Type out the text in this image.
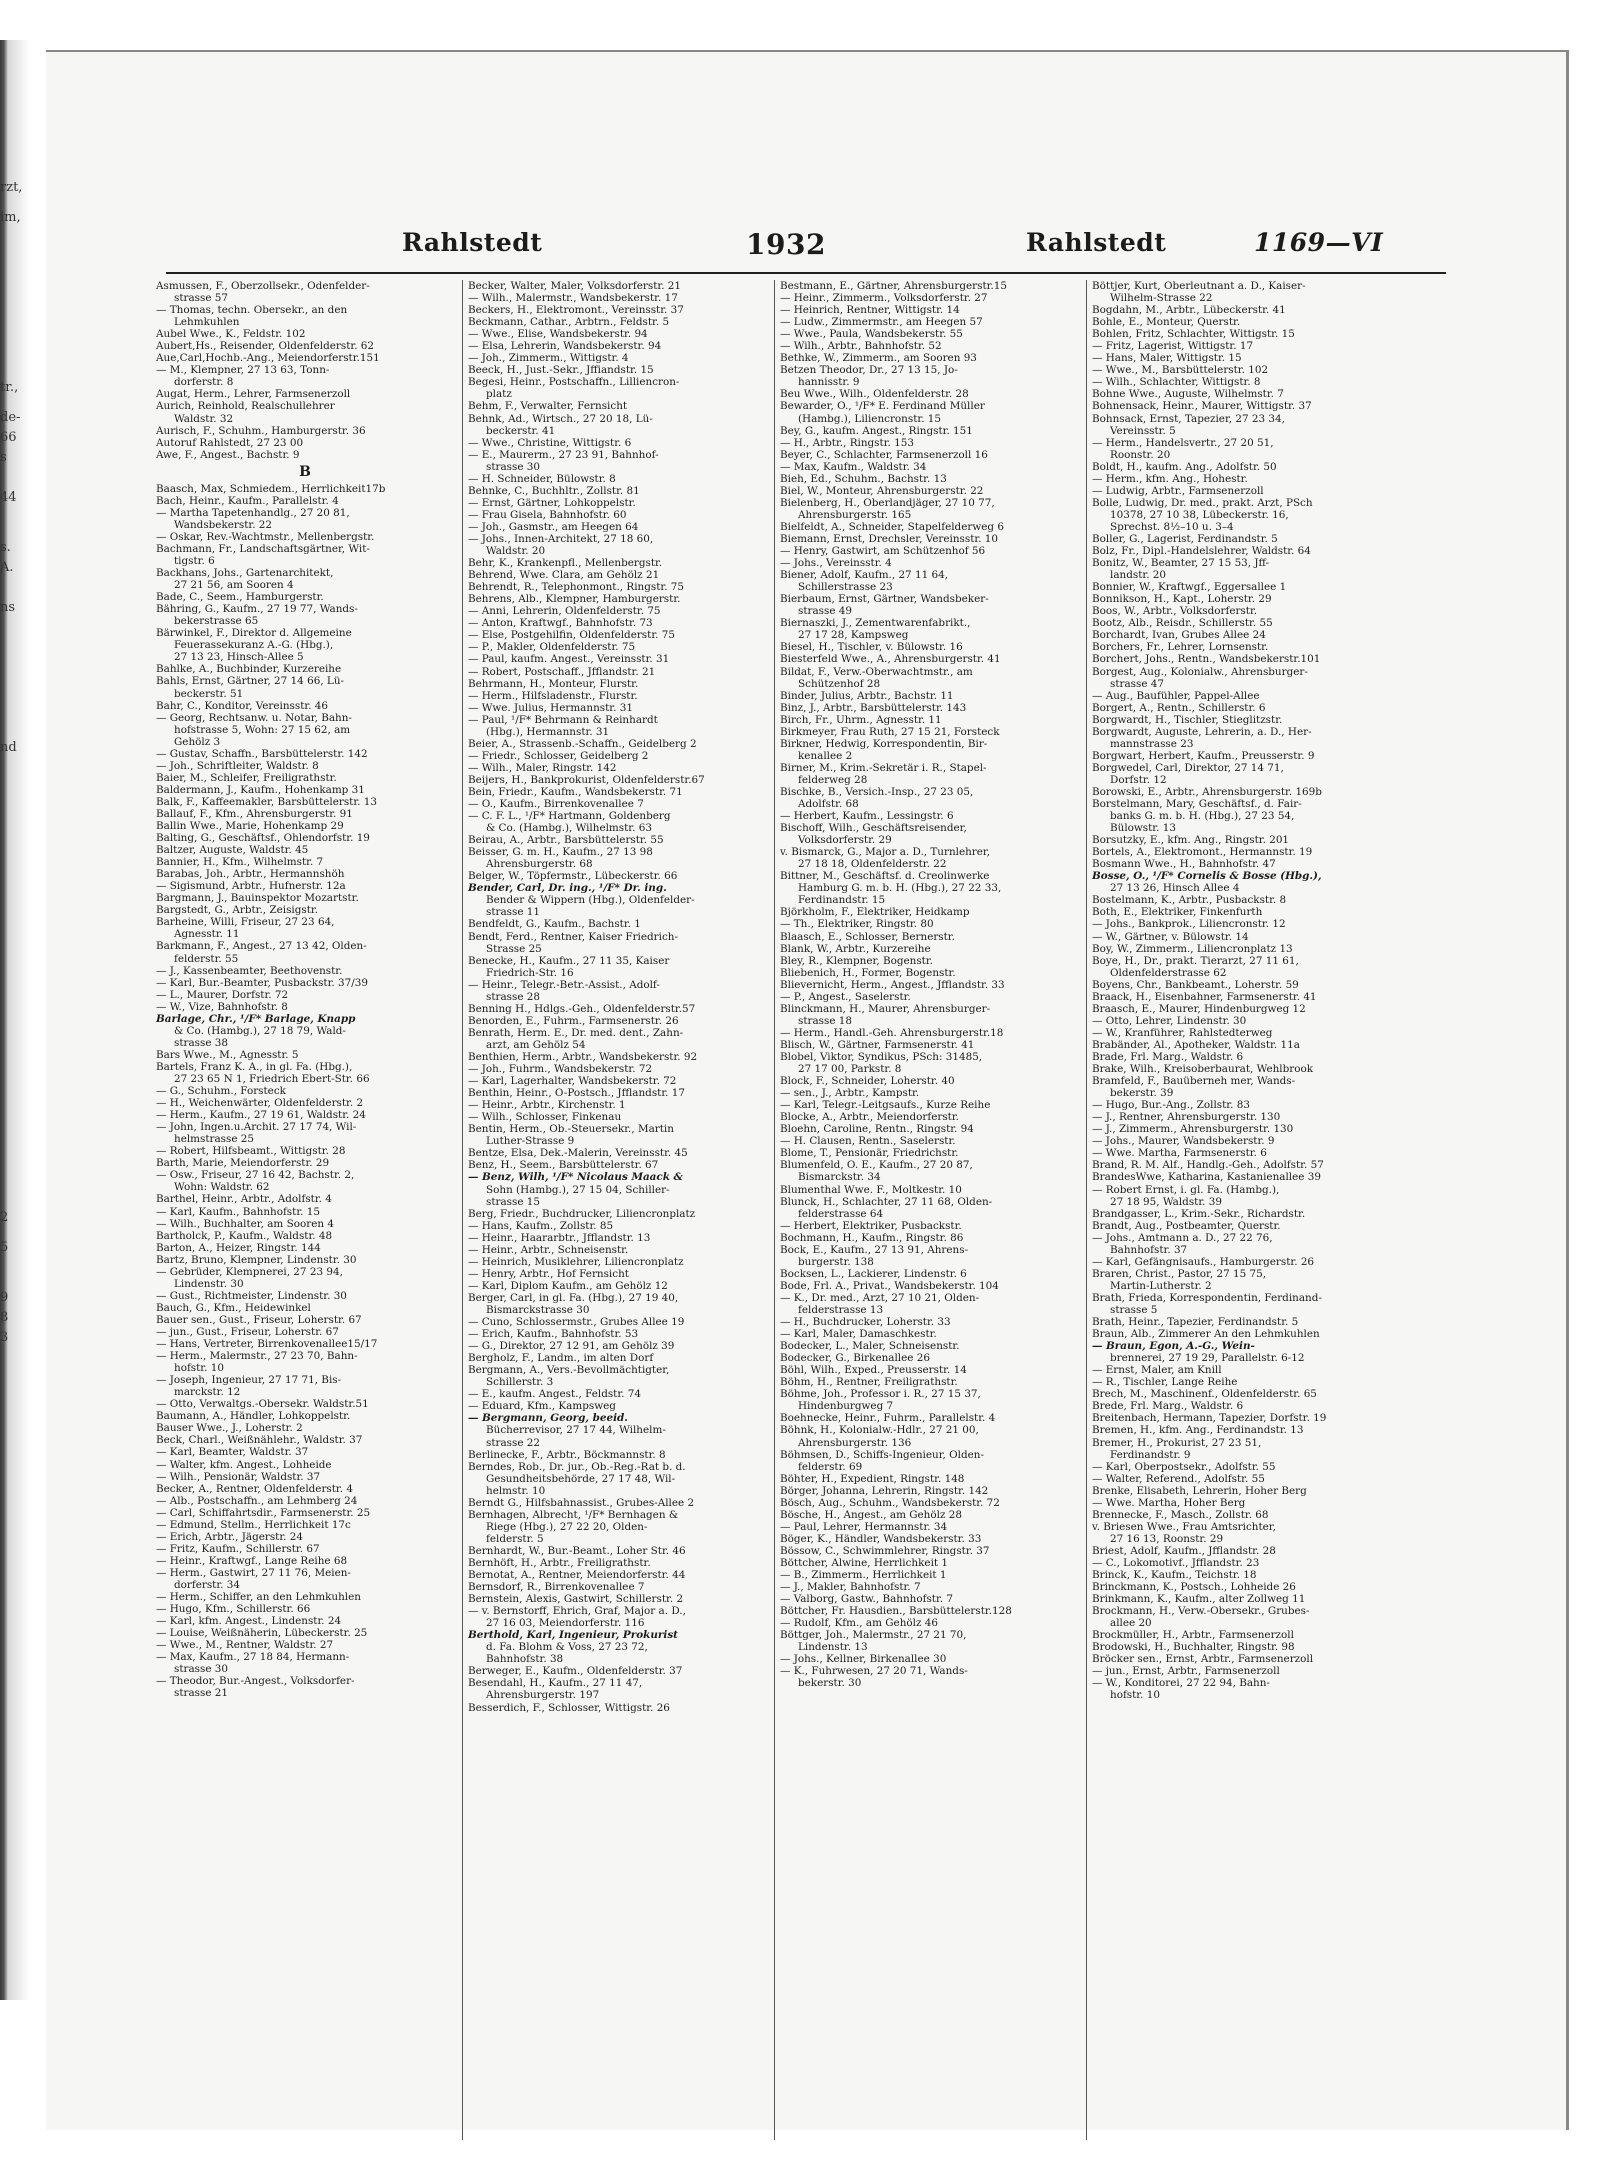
rzt,
im,
tr.,
de-
66
s
44
s.
A.
ns
nd
2
5
9
8
3
Rahlstedt	1932	Rahlstedt	1169—VI
Asmussen, F., Oberzollsekr., Odenfelder-
strasse 57
— Thomas, techn. Obersekr., an den
Lehmkuhlen
Aubel Wwe., K., Feldstr. 102
Aubert,Hs., Reisender, Oldenfelderstr. 62
Aue,Carl,Hochb.-Ang., Meiendorferstr.151
— M., Klempner, 27 13 63, Tonn-
dorferstr. 8
Augat, Herm., Lehrer, Farmsenerzoll
Aurich, Reinhold, Realschullehrer
Waldstr. 32
Aurisch, F., Schuhm., Hamburgerstr. 36
Autoruf Rahlstedt, 27 23 00
Awe, F., Angest., Bachstr. 9
B
Baasch, Max, Schmiedem., Herrlichkeit17b
Bach, Heinr., Kaufm., Parallelstr. 4
— Martha Tapetenhandlg., 27 20 81,
Wandsbekerstr. 22
— Oskar, Rev.-Wachtmstr., Mellenbergstr.
Bachmann, Fr., Landschaftsgärtner, Wit-
tigstr. 6
Backhans, Johs., Gartenarchitekt,
27 21 56, am Sooren 4
Bade, C., Seem., Hamburgerstr.
Bähring, G., Kaufm., 27 19 77, Wands-
bekerstrasse 65
Bärwinkel, F., Direktor d. Allgemeine
Feuerassekuranz A.-G. (Hbg.),
27 13 23, Hinsch-Allee 5
Bahlke, A., Buchbinder, Kurzereihe
Bahls, Ernst, Gärtner, 27 14 66, Lü-
beckerstr. 51
Bahr, C., Konditor, Vereinsstr. 46
— Georg, Rechtsanw. u. Notar, Bahn-
hofstrasse 5, Wohn: 27 15 62, am
Gehölz 3
— Gustav, Schaffn., Barsbüttelerstr. 142
— Joh., Schriftleiter, Waldstr. 8
Baier, M., Schleifer, Freiligrathstr.
Baldermann, J., Kaufm., Hohenkamp 31
Balk, F., Kaffeemakler, Barsbüttelerstr. 13
Ballauf, F., Kfm., Ahrensburgerstr. 91
Ballin Wwe., Marie, Hohenkamp 29
Balting, G., Geschäftsf., Ohlendorfstr. 19
Baltzer, Auguste, Waldstr. 45
Bannier, H., Kfm., Wilhelmstr. 7
Barabas, Joh., Arbtr., Hermannshöh
— Sigismund, Arbtr., Hufnerstr. 12a
Bargmann, J., Bauinspektor Mozartstr.
Bargstedt, G., Arbtr., Zeisigstr.
Barheine, Willi, Friseur, 27 23 64,
Agnesstr. 11
Barkmann, F., Angest., 27 13 42, Olden-
felderstr. 55
— J., Kassenbeamter, Beethovenstr.
— Karl, Bur.-Beamter, Pusbackstr. 37/39
— L., Maurer, Dorfstr. 72
— W., Vize, Bahnhofstr. 8
Barlage, Chr., ¹/F* Barlage, Knapp
& Co. (Hambg.), 27 18 79, Wald-
strasse 38
Bars Wwe., M., Agnesstr. 5
Bartels, Franz K. A., in gl. Fa. (Hbg.),
27 23 65 N 1, Friedrich Ebert-Str. 66
— G., Schuhm., Forsteck
— H., Weichenwärter, Oldenfelderstr. 2
— Herm., Kaufm., 27 19 61, Waldstr. 24
— John, Ingen.u.Archit. 27 17 74, Wil-
helmstrasse 25
— Robert, Hilfsbeamt., Wittigstr. 28
Barth, Marie, Meiendorferstr. 29
— Osw., Friseur, 27 16 42, Bachstr. 2,
Wohn: Waldstr. 62
Barthel, Heinr., Arbtr., Adolfstr. 4
— Karl, Kaufm., Bahnhofstr. 15
— Wilh., Buchhalter, am Sooren 4
Bartholck, P., Kaufm., Waldstr. 48
Barton, A., Heizer, Ringstr. 144
Bartz, Bruno, Klempner, Lindenstr. 30
— Gebrüder, Klempnerei, 27 23 94,
Lindenstr. 30
— Gust., Richtmeister, Lindenstr. 30
Bauch, G., Kfm., Heidewinkel
Bauer sen., Gust., Friseur, Loherstr. 67
— jun., Gust., Friseur, Loherstr. 67
— Hans, Vertreter, Birrenkovenallee15/17
— Herm., Malermstr., 27 23 70, Bahn-
hofstr. 10
— Joseph, Ingenieur, 27 17 71, Bis-
marckstr. 12
— Otto, Verwaltgs.-Obersekr. Waldstr.51
Baumann, A., Händler, Lohkoppelstr.
Bauser Wwe., J., Loherstr. 2
Beck, Charl., Weißnählehr., Waldstr. 37
— Karl, Beamter, Waldstr. 37
— Walter, kfm. Angest., Lohheide
— Wilh., Pensionär, Waldstr. 37
Becker, A., Rentner, Oldenfelderstr. 4
— Alb., Postschaffn., am Lehmberg 24
— Carl, Schiffahrtsdir., Farmsenerstr. 25
— Edmund, Stellm., Herrlichkeit 17c
— Erich, Arbtr., Jägerstr. 24
— Fritz, Kaufm., Schillerstr. 67
— Heinr., Kraftwgf., Lange Reihe 68
— Herm., Gastwirt, 27 11 76, Meien-
dorferstr. 34
— Herm., Schiffer, an den Lehmkuhlen
— Hugo, Kfm., Schillerstr. 66
— Karl, kfm. Angest., Lindenstr. 24
— Louise, Weißnäherin, Lübeckerstr. 25
— Wwe., M., Rentner, Waldstr. 27
— Max, Kaufm., 27 18 84, Hermann-
strasse 30
— Theodor, Bur.-Angest., Volksdorfer-
strasse 21
Becker, Walter, Maler, Volksdorferstr. 21
— Wilh., Malermstr., Wandsbekerstr. 17
Beckers, H., Elektromont., Vereinsstr. 37
Beckmann, Cathar., Arbtrn., Feldstr. 5
— Wwe., Elise, Wandsbekerstr. 94
— Elsa, Lehrerin, Wandsbekerstr. 94
— Joh., Zimmerm., Wittigstr. 4
Beeck, H., Just.-Sekr., Jffiandstr. 15
Begesi, Heinr., Postschaffn., Lilliencron-
platz
Behm, F., Verwalter, Fernsicht
Behnk, Ad., Wirtsch., 27 20 18, Lü-
beckerstr. 41
— Wwe., Christine, Wittigstr. 6
— E., Maurerm., 27 23 91, Bahnhof-
strasse 30
— H. Schneider, Bülowstr. 8
Behnke, C., Buchhltr., Zollstr. 81
— Ernst, Gärtner, Lohkoppelstr.
— Frau Gisela, Bahnhofstr. 60
— Joh., Gasmstr., am Heegen 64
— Johs., Innen-Architekt, 27 18 60,
Waldstr. 20
Behr, K., Krankenpfl., Mellenbergstr.
Behrend, Wwe. Clara, am Gehölz 21
Behrendt, R., Telephonmont., Ringstr. 75
Behrens, Alb., Klempner, Hamburgerstr.
— Anni, Lehrerin, Oldenfelderstr. 75
— Anton, Kraftwgf., Bahnhofstr. 73
— Else, Postgehilfin, Oldenfelderstr. 75
— P., Makler, Oldenfelderstr. 75
— Paul, kaufm. Angest., Vereinsstr. 31
— Robert, Postschaff., Jfflandstr. 21
Behrmann, H., Monteur, Flurstr.
— Herm., Hilfsladenstr., Flurstr.
— Wwe. Julius, Hermannstr. 31
— Paul, ¹/F* Behrmann & Reinhardt
(Hbg.), Hermannstr. 31
Beier, A., Strassenb.-Schaffn., Geidelberg 2
— Friedr., Schlosser, Geidelberg 2
— Wilh., Maler, Ringstr. 142
Beijers, H., Bankprokurist, Oldenfelderstr.67
Bein, Friedr., Kaufm., Wandsbekerstr. 71
— O., Kaufm., Birrenkovenallee 7
— C. F. L., ¹/F* Hartmann, Goldenberg
& Co. (Hambg.), Wilhelmstr. 63
Beirau, A., Arbtr., Barsbüttelerstr. 55
Beisser, G. m. H., Kaufm., 27 13 98
Ahrensburgerstr. 68
Belger, W., Töpfermstr., Lübeckerstr. 66
Bender, Carl, Dr. ing., ¹/F* Dr. ing.
Bender & Wippern (Hbg.), Oldenfelder-
strasse 11
Bendfeldt, G., Kaufm., Bachstr. 1
Bendt, Ferd., Rentner, Kaiser Friedrich-
Strasse 25
Benecke, H., Kaufm., 27 11 35, Kaiser
Friedrich-Str. 16
— Heinr., Telegr.-Betr.-Assist., Adolf-
strasse 28
Benning H., Hdlgs.-Geh., Oldenfelderstr.57
Benorden, E., Fuhrm., Farmsenerstr. 26
Benrath, Herm. E., Dr. med. dent., Zahn-
arzt, am Gehölz 54
Benthien, Herm., Arbtr., Wandsbekerstr. 92
— Joh., Fuhrm., Wandsbekerstr. 72
— Karl, Lagerhalter, Wandsbekerstr. 72
Benthin, Heinr., O-Postsch., Jfflandstr. 17
— Heinr., Arbtr., Kirchenstr. 1
— Wilh., Schlosser, Finkenau
Bentin, Herm., Ob.-Steuersekr., Martin
Luther-Strasse 9
Bentze, Elsa, Dek.-Malerin, Vereinsstr. 45
Benz, H., Seem., Barsbüttelerstr. 67
— Benz, Wilh, ¹/F* Nicolaus Maack &
Sohn (Hambg.), 27 15 04, Schiller-
strasse 15
Berg, Friedr., Buchdrucker, Liliencronplatz
— Hans, Kaufm., Zollstr. 85
— Heinr., Haararbtr., Jfflandstr. 13
— Heinr., Arbtr., Schneisenstr.
— Heinrich, Musiklehrer, Liliencronplatz
— Henry, Arbtr., Hof Fernsicht
— Karl, Diplom Kaufm., am Gehölz 12
Berger, Carl, in gl. Fa. (Hbg.), 27 19 40,
Bismarckstrasse 30
— Cuno, Schlossermstr., Grubes Allee 19
— Erich, Kaufm., Bahnhofstr. 53
— G., Direktor, 27 12 91, am Gehölz 39
Bergholz, F., Landm., im alten Dorf
Bergmann, A., Vers.-Bevollmächtigter,
Schillerstr. 3
— E., kaufm. Angest., Feldstr. 74
— Eduard, Kfm., Kampsweg
— Bergmann, Georg, beeid.
Bücherrevisor, 27 17 44, Wilhelm-
strasse 22
Berlinecke, F., Arbtr., Böckmannstr. 8
Berndes, Rob., Dr. jur., Ob.-Reg.-Rat b. d.
Gesundheitsbehörde, 27 17 48, Wil-
helmstr. 10
Berndt G., Hilfsbahnassist., Grubes-Allee 2
Bernhagen, Albrecht, ¹/F* Bernhagen &
Riege (Hbg.), 27 22 20, Olden-
felderstr. 5
Bernhardt, W., Bur.-Beamt., Loher Str. 46
Bernhöft, H., Arbtr., Freiligrathstr.
Bernotat, A., Rentner, Meiendorferstr. 44
Bernsdorf, R., Birrenkovenallee 7
Bernstein, Alexis, Gastwirt, Schillerstr. 2
— v. Bernstorff, Ehrich, Graf, Major a. D.,
27 16 03, Meiendorferstr. 116
Berthold, Karl, Ingenieur, Prokurist
d. Fa. Blohm & Voss, 27 23 72,
Bahnhofstr. 38
Berweger, E., Kaufm., Oldenfelderstr. 37
Besendahl, H., Kaufm., 27 11 47,
Ahrensburgerstr. 197
Besserdich, F., Schlosser, Wittigstr. 26
Bestmann, E., Gärtner, Ahrensburgerstr.15
— Heinr., Zimmerm., Volksdorferstr. 27
— Heinrich, Rentner, Wittigstr. 14
— Ludw., Zimmermstr., am Heegen 57
— Wwe., Paula, Wandsbekerstr. 55
— Wilh., Arbtr., Bahnhofstr. 52
Bethke, W., Zimmerm., am Sooren 93
Betzen Theodor, Dr., 27 13 15, Jo-
hannisstr. 9
Beu Wwe., Wilh., Oldenfelderstr. 28
Bewarder, O., ¹/F* E. Ferdinand Müller
(Hambg.), Liliencronstr. 15
Bey, G., kaufm. Angest., Ringstr. 151
— H., Arbtr., Ringstr. 153
Beyer, C., Schlachter, Farmsenerzoll 16
— Max, Kaufm., Waldstr. 34
Bieh, Ed., Schuhm., Bachstr. 13
Biel, W., Monteur, Ahrensburgerstr. 22
Bielenberg, H., Oberlandjäger, 27 10 77,
Ahrensburgerstr. 165
Bielfeldt, A., Schneider, Stapelfelderweg 6
Biemann, Ernst, Drechsler, Vereinsstr. 10
— Henry, Gastwirt, am Schützenhof 56
— Johs., Vereinsstr. 4
Biener, Adolf, Kaufm., 27 11 64,
Schillerstrasse 23
Bierbaum, Ernst, Gärtner, Wandsbeker-
strasse 49
Biernaszki, J., Zementwarenfabrikt.,
27 17 28, Kampsweg
Biesel, H., Tischler, v. Bülowstr. 16
Biesterfeld Wwe., A., Ahrensburgerstr. 41
Bildat, F., Verw.-Oberwachtmstr., am
Schützenhof 28
Binder, Julius, Arbtr., Bachstr. 11
Binz, J., Arbtr., Barsbüttelerstr. 143
Birch, Fr., Uhrm., Agnesstr. 11
Birkmeyer, Frau Ruth, 27 15 21, Forsteck
Birkner, Hedwig, Korrespondentin, Bir-
kenallee 2
Birner, M., Krim.-Sekretär i. R., Stapel-
felderweg 28
Bischke, B., Versich.-Insp., 27 23 05,
Adolfstr. 68
— Herbert, Kaufm., Lessingstr. 6
Bischoff, Wilh., Geschäftsreisender,
Volksdorferstr. 29
v. Bismarck, G., Major a. D., Turnlehrer,
27 18 18, Oldenfelderstr. 22
Bittner, M., Geschäftsf. d. Creolinwerke
Hamburg G. m. b. H. (Hbg.), 27 22 33,
Ferdinandstr. 15
Björkholm, F., Elektriker, Heidkamp
— Th., Elektriker, Ringstr. 80
Blaasch, E., Schlosser, Bernerstr.
Blank, W., Arbtr., Kurzereihe
Bley, R., Klempner, Bogenstr.
Bliebenich, H., Former, Bogenstr.
Blievernicht, Herm., Angest., Jfflandstr. 33
— P., Angest., Saselerstr.
Blinckmann, H., Maurer, Ahrensburger-
strasse 18
— Herm., Handl.-Geh. Ahrensburgerstr.18
Blisch, W., Gärtner, Farmsenerstr. 41
Blobel, Viktor, Syndikus, PSch: 31485,
27 17 00, Parkstr. 8
Block, F., Schneider, Loherstr. 40
— sen., J., Arbtr., Kampstr.
— Karl, Telegr.-Leitgsaufs., Kurze Reihe
Blocke, A., Arbtr., Meiendorferstr.
Bloehn, Caroline, Rentn., Ringstr. 94
— H. Clausen, Rentn., Saselerstr.
Blome, T., Pensionär, Friedrichstr.
Blumenfeld, O. E., Kaufm., 27 20 87,
Bismarckstr. 34
Blumenthal Wwe. F., Moltkestr. 10
Blunck, H., Schlachter, 27 11 68, Olden-
felderstrasse 64
— Herbert, Elektriker, Pusbackstr.
Bochmann, H., Kaufm., Ringstr. 86
Bock, E., Kaufm., 27 13 91, Ahrens-
burgerstr. 138
Bocksen, L., Lackierer, Lindenstr. 6
Bode, Frl. A., Privat., Wandsbekerstr. 104
— K., Dr. med., Arzt, 27 10 21, Olden-
felderstrasse 13
— H., Buchdrucker, Loherstr. 33
— Karl, Maler, Damaschkestr.
Bodecker, L., Maler, Schneisenstr.
Bodecker, G., Birkenallee 26
Böhl, Wilh., Exped., Preusserstr. 14
Böhm, H., Rentner, Freiligrathstr.
Böhme, Joh., Professor i. R., 27 15 37,
Hindenburgweg 7
Boehnecke, Heinr., Fuhrm., Parallelstr. 4
Böhnk, H., Kolonialw.-Hdlr., 27 21 00,
Ahrensburgerstr. 136
Böhmsen, D., Schiffs-Ingenieur, Olden-
felderstr. 69
Böhter, H., Expedient, Ringstr. 148
Börger, Johanna, Lehrerin, Ringstr. 142
Bösch, Aug., Schuhm., Wandsbekerstr. 72
Bösche, H., Angest., am Gehölz 28
— Paul, Lehrer, Hermannstr. 34
Böger, K., Händler, Wandsbekerstr. 33
Bössow, C., Schwimmlehrer, Ringstr. 37
Böttcher, Alwine, Herrlichkeit 1
— B., Zimmerm., Herrlichkeit 1
— J., Makler, Bahnhofstr. 7
— Valborg, Gastw., Bahnhofstr. 7
Böttcher, Fr. Hausdien., Barsbüttelerstr.128
— Rudolf, Kfm., am Gehölz 46
Böttger, Joh., Malermstr., 27 21 70,
Lindenstr. 13
— Johs., Kellner, Birkenallee 30
— K., Fuhrwesen, 27 20 71, Wands-
bekerstr. 30
Böttjer, Kurt, Oberleutnant a. D., Kaiser-
Wilhelm-Strasse 22
Bogdahn, M., Arbtr., Lübeckerstr. 41
Bohle, E., Monteur, Querstr.
Bohlen, Fritz, Schlachter, Wittigstr. 15
— Fritz, Lagerist, Wittigstr. 17
— Hans, Maler, Wittigstr. 15
— Wwe., M., Barsbüttelerstr. 102
— Wilh., Schlachter, Wittigstr. 8
Bohne Wwe., Auguste, Wilhelmstr. 7
Bohnensack, Heinr., Maurer, Wittigstr. 37
Bohnsack, Ernst, Tapezier, 27 23 34,
Vereinsstr. 5
— Herm., Handelsvertr., 27 20 51,
Roonstr. 20
Boldt, H., kaufm. Ang., Adolfstr. 50
— Herm., kfm. Ang., Hohestr.
— Ludwig, Arbtr., Farmsenerzoll
Bolle, Ludwig, Dr. med., prakt. Arzt, PSch
10378, 27 10 38, Lübeckerstr. 16,
Sprechst. 8½–10 u. 3–4
Boller, G., Lagerist, Ferdinandstr. 5
Bolz, Fr., Dipl.-Handelslehrer, Waldstr. 64
Bonitz, W., Beamter, 27 15 53, Jff-
landstr. 20
Bonnier, W., Kraftwgf., Eggersallee 1
Bonnikson, H., Kapt., Loherstr. 29
Boos, W., Arbtr., Volksdorferstr.
Bootz, Alb., Reisdr., Schillerstr. 55
Borchardt, Ivan, Grubes Allee 24
Borchers, Fr., Lehrer, Lornsenstr.
Borchert, Johs., Rentn., Wandsbekerstr.101
Borgest, Aug., Kolonialw., Ahrensburger-
strasse 47
— Aug., Baufühler, Pappel-Allee
Borgert, A., Rentn., Schillerstr. 6
Borgwardt, H., Tischler, Stieglitzstr.
Borgwardt, Auguste, Lehrerin, a. D., Her-
mannstrasse 23
Borgwart, Herbert, Kaufm., Preusserstr. 9
Borgwedel, Carl, Direktor, 27 14 71,
Dorfstr. 12
Borowski, E., Arbtr., Ahrensburgerstr. 169b
Borstelmann, Mary, Geschäftsf., d. Fair-
banks G. m. b. H. (Hbg.), 27 23 54,
Bülowstr. 13
Borsutzky, E., kfm. Ang., Ringstr. 201
Bortels, A., Elektromont., Hermannstr. 19
Bosmann Wwe., H., Bahnhofstr. 47
Bosse, O., ¹/F* Cornelis & Bosse (Hbg.),
27 13 26, Hinsch Allee 4
Bostelmann, K., Arbtr., Pusbackstr. 8
Both, E., Elektriker, Finkenfurth
— Johs., Bankprok., Liliencronstr. 12
— W., Gärtner, v. Bülowstr. 14
Boy, W., Zimmerm., Liliencronplatz 13
Boye, H., Dr., prakt. Tierarzt, 27 11 61,
Oldenfelderstrasse 62
Boyens, Chr., Bankbeamt., Loherstr. 59
Braack, H., Eisenbahner, Farmsenerstr. 41
Braasch, E., Maurer, Hindenburgweg 12
— Otto, Lehrer, Lindenstr. 30
— W., Kranführer, Rahlstedterweg
Brabänder, Al., Apotheker, Waldstr. 11a
Brade, Frl. Marg., Waldstr. 6
Brake, Wilh., Kreisoberbaurat, Wehlbrook
Bramfeld, F., Bauüberneh mer, Wands-
bekerstr. 39
— Hugo, Bur.-Ang., Zollstr. 83
— J., Rentner, Ahrensburgerstr. 130
— J., Zimmerm., Ahrensburgerstr. 130
— Johs., Maurer, Wandsbekerstr. 9
— Wwe. Martha, Farmsenerstr. 6
Brand, R. M. Alf., Handlg.-Geh., Adolfstr. 57
BrandesWwe, Katharina, Kastanienallee 39
— Robert Ernst, i. gl. Fa. (Hambg.),
27 18 95, Waldstr. 39
Brandgasser, L., Krim.-Sekr., Richardstr.
Brandt, Aug., Postbeamter, Querstr.
— Johs., Amtmann a. D., 27 22 76,
Bahnhofstr. 37
— Karl, Gefängnisaufs., Hamburgerstr. 26
Braren, Christ., Pastor, 27 15 75,
Martin-Lutherstr. 2
Brath, Frieda, Korrespondentin, Ferdinand-
strasse 5
Brath, Heinr., Tapezier, Ferdinandstr. 5
Braun, Alb., Zimmerer An den Lehmkuhlen
— Braun, Egon, A.-G., Wein-
brennerei, 27 19 29, Parallelstr. 6-12
— Ernst, Maler, am Knill
— R., Tischler, Lange Reihe
Brech, M., Maschinenf., Oldenfelderstr. 65
Brede, Frl. Marg., Waldstr. 6
Breitenbach, Hermann, Tapezier, Dorfstr. 19
Bremen, H., kfm. Ang., Ferdinandstr. 13
Bremer, H., Prokurist, 27 23 51,
Ferdinandstr. 9
— Karl, Oberpostsekr., Adolfstr. 55
— Walter, Referend., Adolfstr. 55
Brenke, Elisabeth, Lehrerin, Hoher Berg
— Wwe. Martha, Hoher Berg
Brennecke, F., Masch., Zollstr. 68
v. Briesen Wwe., Frau Amtsrichter,
27 16 13, Roonstr. 29
Briest, Adolf, Kaufm., Jfflandstr. 28
— C., Lokomotivf., Jfflandstr. 23
Brinck, K., Kaufm., Teichstr. 18
Brinckmann, K., Postsch., Lohheide 26
Brinkmann, K., Kaufm., alter Zollweg 11
Brockmann, H., Verw.-Obersekr., Grubes-
allee 20
Brockmüller, H., Arbtr., Farmsenerzoll
Brodowski, H., Buchhalter, Ringstr. 98
Bröcker sen., Ernst, Arbtr., Farmsenerzoll
— jun., Ernst, Arbtr., Farmsenerzoll
— W., Konditorei, 27 22 94, Bahn-
hofstr. 10
